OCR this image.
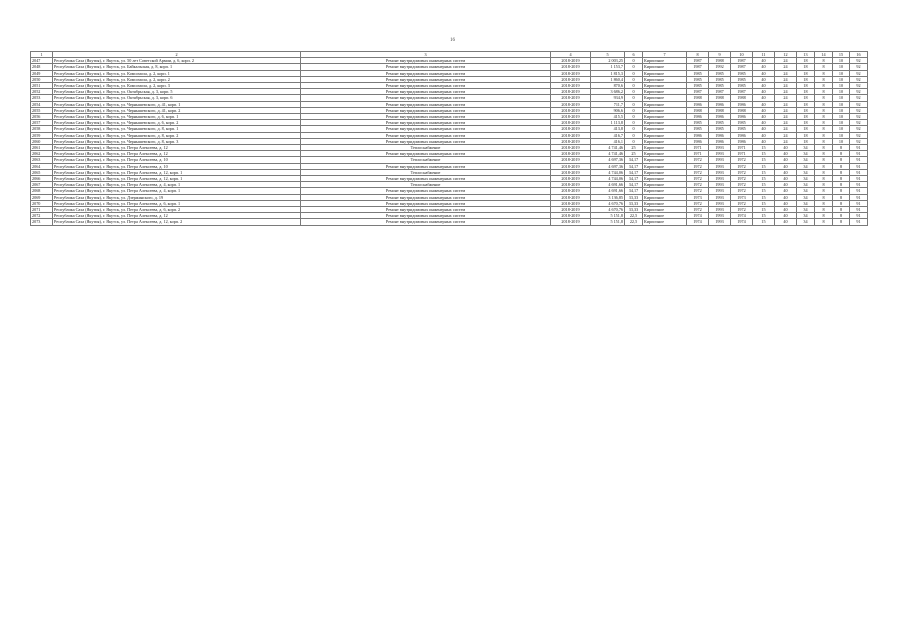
16
1	2	3	4	5	6	7	8	9	10	11	12	13	14	15	16
2047	Республика Саха (Якутия), г. Якутск, ул. 50 лет Советской Армии, д. 6, корп. 2	Ремонт внутридомовых инженерных систем	2018-2019	2 003,25	0	Кирпичное	1987	1988	1987	40	24	18	8	10	92
2048	Республика Саха (Якутия), г. Якутск, ул. Байкальская, д. 8, корп. 1	Ремонт внутридомовых инженерных систем	2018-2019	1 153,7	0	Кирпичное	1987	1992	1987	40	24	18	8	10	92
2049	Республика Саха (Якутия), г. Якутск, ул. Комсомола, д. 2, корп. 1	Ремонт внутридомовых инженерных систем	2018-2019	1 815,3	0	Кирпичное	1985	1985	1985	40	24	18	8	10	92
2050	Республика Саха (Якутия), г. Якутск, ул. Комсомола, д. 2, корп. 2	Ремонт внутридомовых инженерных систем	2018-2019	1 860,4	0	Кирпичное	1985	1985	1985	40	24	18	8	10	92
2051	Республика Саха (Якутия), г. Якутск, ул. Комсомола, д. 2, корп. 3	Ремонт внутридомовых инженерных систем	2018-2019	870,6	0	Кирпичное	1985	1985	1985	40	24	18	8	10	92
2052	Республика Саха (Якутия), г. Якутск, ул. Октябрьская, д. 3, корп. 5	Ремонт внутридомовых инженерных систем	2018-2019	3 686,2	0	Кирпичное	1987	1987	1987	40	24	18	8	10	92
2053	Республика Саха (Якутия), г. Якутск, ул. Октябрьская, д. 3, корп. 6	Ремонт внутридомовых инженерных систем	2018-2019	934,9	0	Кирпичное	1988	1988	1988	40	24	18	8	10	92
2054	Республика Саха (Якутия), г. Якутск, ул. Чернышевского, д. 41, корп. 1	Ремонт внутридомовых инженерных систем	2018-2019	711,7	0	Кирпичное	1986	1986	1986	40	24	18	8	10	92
2055	Республика Саха (Якутия), г. Якутск, ул. Чернышевского, д. 41, корп. 2	Ремонт внутридомовых инженерных систем	2018-2019	906,6	0	Кирпичное	1988	1988	1988	40	24	18	8	10	92
2056	Республика Саха (Якутия), г. Якутск, ул. Чернышевского, д. 6, корп. 1	Ремонт внутридомовых инженерных систем	2018-2019	415,5	0	Кирпичное	1986	1986	1986	40	24	18	8	10	92
2057	Республика Саха (Якутия), г. Якутск, ул. Чернышевского, д. 6, корп. 2	Ремонт внутридомовых инженерных систем	2018-2019	1 113,8	0	Кирпичное	1985	1985	1985	40	24	18	8	10	92
2058	Республика Саха (Якутия), г. Якутск, ул. Чернышевского, д. 8, корп. 1	Ремонт внутридомовых инженерных систем	2018-2019	413,8	0	Кирпичное	1985	1985	1985	40	24	18	8	10	92
2059	Республика Саха (Якутия), г. Якутск, ул. Чернышевского, д. 8, корп. 2	Ремонт внутридомовых инженерных систем	2018-2019	416,7	0	Кирпичное	1986	1986	1986	40	24	18	8	10	92
2060	Республика Саха (Якутия), г. Якутск, ул. Чернышевского, д. 8, корп. 3	Ремонт внутридомовых инженерных систем	2018-2019	416,1	0	Кирпичное	1986	1986	1986	40	24	18	8	10	92
2061	Республика Саха (Якутия), г. Якутск, ул. Петра Алексеева, д. 12	Теплоснабжение	2018-2019	4 741,46	25	Кирпичное	1971	1993	1971	15	40	34	8	8	91
2062	Республика Саха (Якутия), г. Якутск, ул. Петра Алексеева, д. 12	Ремонт внутридомовых инженерных систем	2018-2019	4 741,46	25	Кирпичное	1971	1993	1971	15	40	34	8	8	91
2063	Республика Саха (Якутия), г. Якутск, ул. Петра Алексеева, д. 10	Теплоснабжение	2018-2019	4 697,36	34,17	Кирпичное	1972	1993	1972	15	40	34	8	8	91
2064	Республика Саха (Якутия), г. Якутск, ул. Петра Алексеева, д. 10	Ремонт внутридомовых инженерных систем	2018-2019	4 697,36	34,17	Кирпичное	1972	1993	1972	15	40	34	8	8	91
2065	Республика Саха (Якутия), г. Якутск, ул. Петра Алексеева, д. 12, корп. 1	Теплоснабжение	2018-2019	4 744,06	34,17	Кирпичное	1972	1993	1972	15	40	34	8	8	91
2066	Республика Саха (Якутия), г. Якутск, ул. Петра Алексеева, д. 12, корп. 1	Ремонт внутридомовых инженерных систем	2018-2019	4 744,06	34,17	Кирпичное	1972	1993	1972	15	40	34	8	8	91
2067	Республика Саха (Якутия), г. Якутск, ул. Петра Алексеева, д. 4, корп. 1	Теплоснабжение	2018-2019	4 691,66	34,17	Кирпичное	1972	1993	1972	15	40	34	8	8	91
2068	Республика Саха (Якутия), г. Якутск, ул. Петра Алексеева, д. 4, корп. 1	Ремонт внутридомовых инженерных систем	2018-2019	4 691,66	34,17	Кирпичное	1972	1993	1972	15	40	34	8	8	91
2069	Республика Саха (Якутия), г. Якутск, ул. Дзержинского, д. 19	Ремонт внутридомовых инженерных систем	2018-2019	3 136,85	33,33	Кирпичное	1973	1993	1973	15	40	34	8	8	91
2070	Республика Саха (Якутия), г. Якутск, ул. Петра Алексеева, д. 6, корп. 1	Ремонт внутридомовых инженерных систем	2018-2019	4 670,76	33,33	Кирпичное	1972	1993	1972	15	40	34	8	8	91
2071	Республика Саха (Якутия), г. Якутск, ул. Петра Алексеева, д. 6, корп. 2	Ремонт внутридомовых инженерных систем	2018-2019	4 670,76	33,33	Кирпичное	1972	1993	1972	15	40	34	8	8	91
2072	Республика Саха (Якутия), г. Якутск, ул. Петра Алексеева, д. 12	Ремонт внутридомовых инженерных систем	2018-2019	5 151,8	22,5	Кирпичное	1974	1993	1974	15	40	34	8	8	91
2073	Республика Саха (Якутия), г. Якутск, ул. Петра Алексеева, д. 12, корп. 2	Ремонт внутридомовых инженерных систем	2018-2019	5 151,8	22,5	Кирпичное	1974	1993	1974	15	40	34	8	8	91
